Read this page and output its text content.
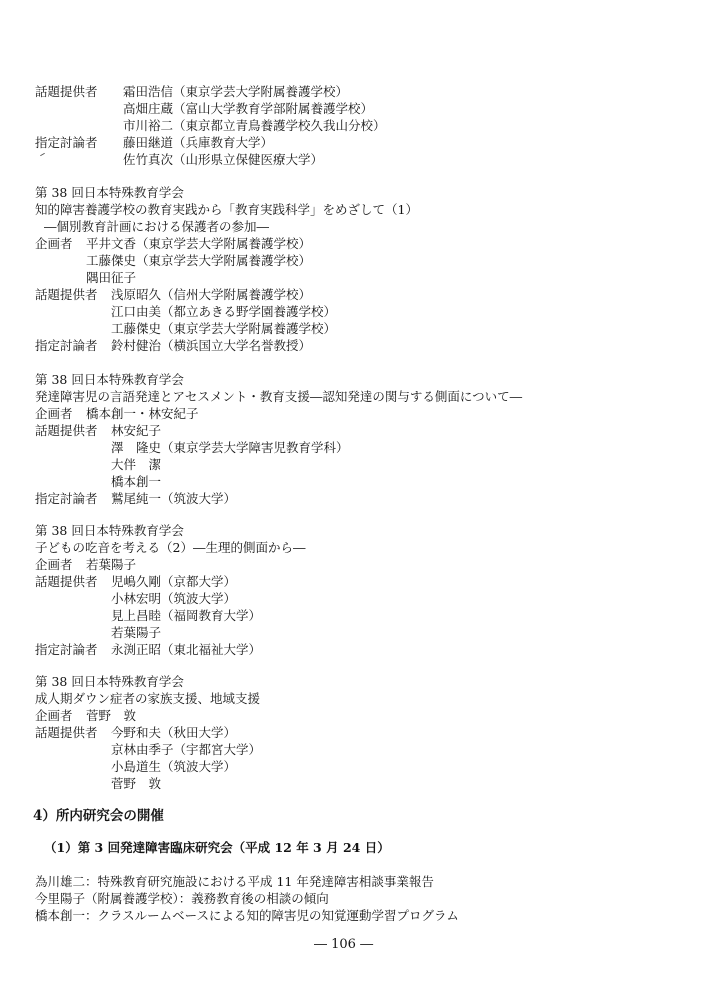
話題提供者 霜田浩信（東京学芸大学附属養護学校）
高畑庄蔵（富山大学教育学部附属養護学校）
市川裕二（東京都立青鳥養護学校久我山分校）
指定討論者 藤田継道（兵庫教育大学）
佐竹真次（山形県立保健医療大学）
第 38 回日本特殊教育学会
知的障害養護学校の教育実践から「教育実践科学」をめざして（1）
―個別教育計画における保護者の参加―
企画者 平井文香（東京学芸大学附属養護学校）
工藤傑史（東京学芸大学附属養護学校）
隅田征子
話題提供者 浅原昭久（信州大学附属養護学校）
江口由美（都立あきる野学園養護学校）
工藤傑史（東京学芸大学附属養護学校）
指定討論者 鈴村健治（横浜国立大学名誉教授）
第 38 回日本特殊教育学会
発達障害児の言語発達とアセスメント・教育支援―認知発達の関与する側面について―
企画者 橋本創一・林安紀子
話題提供者 林安紀子
澤　隆史（東京学芸大学障害児教育学科）
大伴　潔
橋本創一
指定討論者 鷲尾純一（筑波大学）
第 38 回日本特殊教育学会
子どもの吃音を考える（2）―生理的側面から―
企画者 若葉陽子
話題提供者 児嶋久剛（京都大学）
小林宏明（筑波大学）
見上昌睦（福岡教育大学）
若葉陽子
指定討論者 永渕正昭（東北福祉大学）
第 38 回日本特殊教育学会
成人期ダウン症者の家族支援、地域支援
企画者 菅野　敦
話題提供者 今野和夫（秋田大学）
京林由季子（宇都宮大学）
小島道生（筑波大学）
菅野　敦
4）所内研究会の開催
（1）第 3 回発達障害臨床研究会（平成 12 年 3 月 24 日）
為川雄二：特殊教育研究施設における平成 11 年発達障害相談事業報告
今里陽子（附属養護学校）：義務教育後の相談の傾向
橋本創一：クラスルームベースによる知的障害児の知覚運動学習プログラム
― 106 ―
